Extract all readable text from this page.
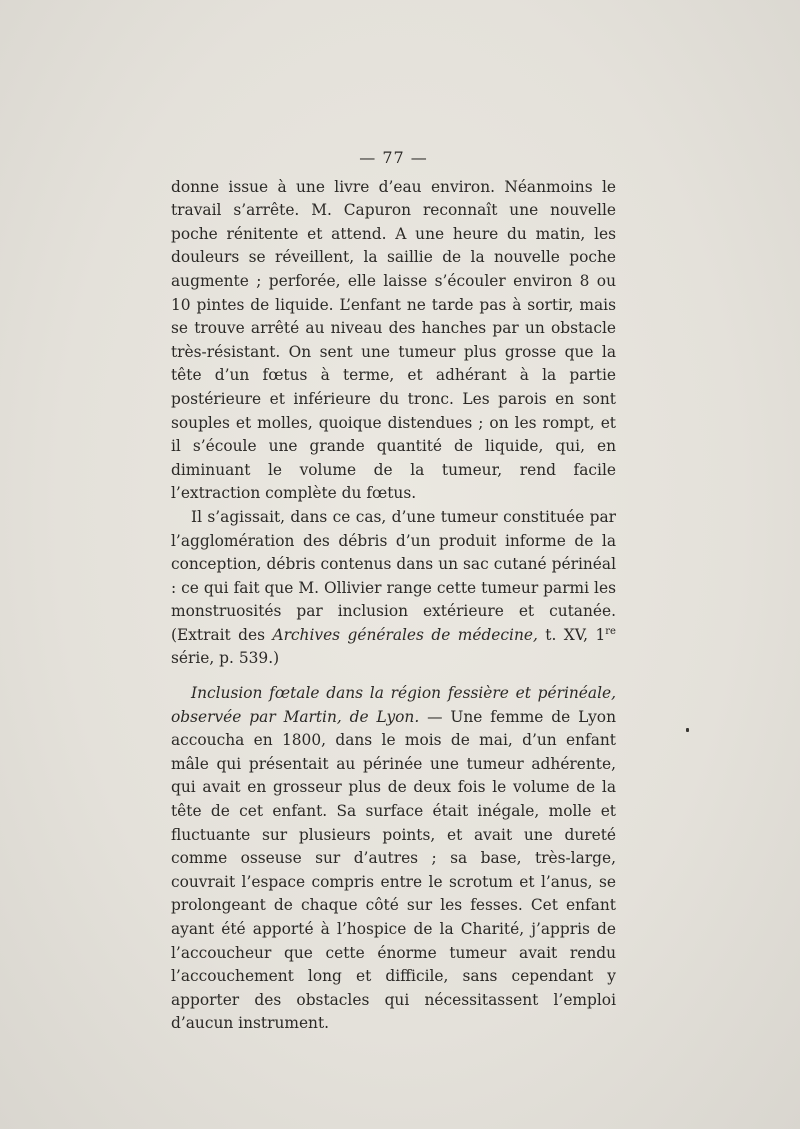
— 77 —

donne issue à une livre d’eau environ. Néanmoins le travail s’arrête. M. Capuron reconnaît une nouvelle poche rénitente et attend. A une heure du matin, les douleurs se réveillent, la saillie de la nouvelle poche augmente ; perforée, elle laisse s’écouler environ 8 ou 10 pintes de liquide. L’enfant ne tarde pas à sortir, mais se trouve arrêté au niveau des hanches par un obstacle très-résistant. On sent une tumeur plus grosse que la tête d’un fœtus à terme, et adhérant à la partie postérieure et inférieure du tronc. Les parois en sont souples et molles, quoique distendues ; on les rompt, et il s’écoule une grande quantité de liquide, qui, en diminuant le volume de la tumeur, rend facile l’extraction complète du fœtus.

Il s’agissait, dans ce cas, d’une tumeur constituée par l’agglomération des débris d’un produit informe de la conception, débris contenus dans un sac cutané périnéal : ce qui fait que M. Ollivier range cette tumeur parmi les monstruosités par inclusion extérieure et cutanée. (Extrait des Archives générales de médecine, t. XV, 1re série, p. 539.)

Inclusion fœtale dans la région fessière et périnéale, observée par Martin, de Lyon. — Une femme de Lyon accoucha en 1800, dans le mois de mai, d’un enfant mâle qui présentait au périnée une tumeur adhérente, qui avait en grosseur plus de deux fois le volume de la tête de cet enfant. Sa surface était inégale, molle et fluctuante sur plusieurs points, et avait une dureté comme osseuse sur d’autres ; sa base, très-large, couvrait l’espace compris entre le scrotum et l’anus, se prolongeant de chaque côté sur les fesses. Cet enfant ayant été apporté à l’hospice de la Charité, j’appris de l’accoucheur que cette énorme tumeur avait rendu l’accouchement long et difficile, sans cependant y apporter des obstacles qui nécessitassent l’emploi d’aucun instrument.
